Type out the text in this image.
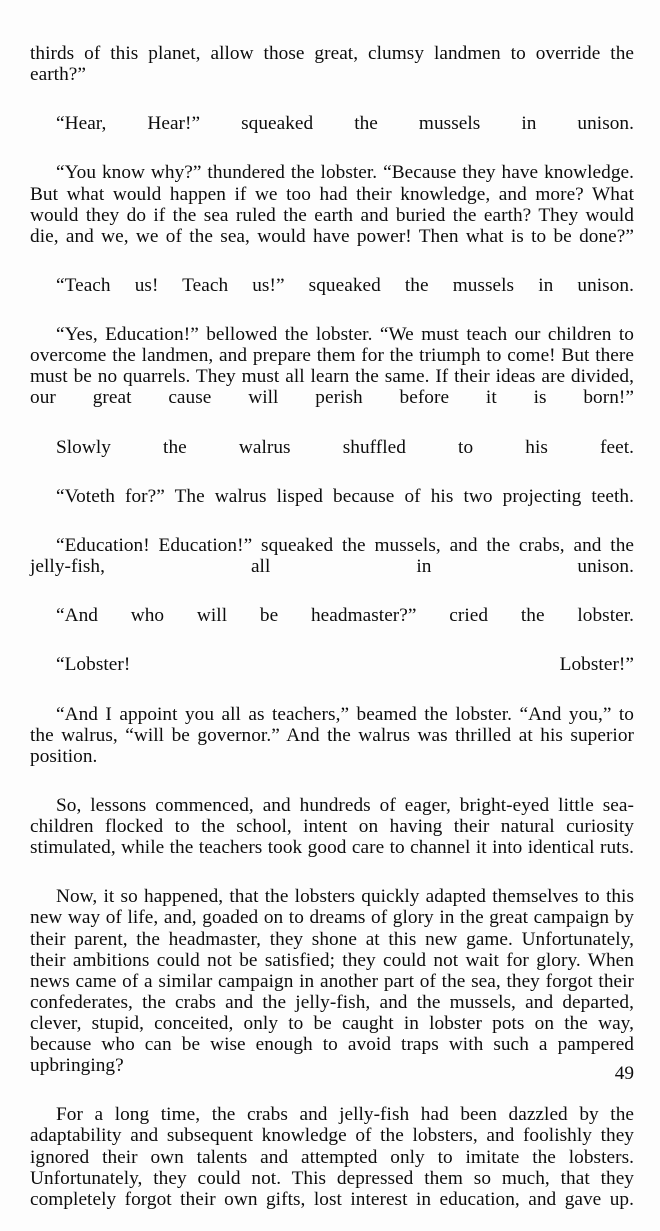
thirds of this planet, allow those great, clumsy landmen to override the earth?”

“Hear, Hear!” squeaked the mussels in unison.

“You know why?” thundered the lobster. “Because they have knowledge. But what would happen if we too had their knowledge, and more? What would they do if the sea ruled the earth and buried the earth? They would die, and we, we of the sea, would have power! Then what is to be done?”

“Teach us! Teach us!” squeaked the mussels in unison.

“Yes, Education!” bellowed the lobster. “We must teach our children to overcome the landmen, and prepare them for the triumph to come! But there must be no quarrels. They must all learn the same. If their ideas are divided, our great cause will perish before it is born!”

Slowly the walrus shuffled to his feet.

“Voteth for?” The walrus lisped because of his two projecting teeth.

“Education! Education!” squeaked the mussels, and the crabs, and the jelly-fish, all in unison.

“And who will be headmaster?” cried the lobster.

“Lobster! Lobster!”

“And I appoint you all as teachers,” beamed the lobster. “And you,” to the walrus, “will be governor.” And the walrus was thrilled at his superior position.

So, lessons commenced, and hundreds of eager, bright-eyed little sea-children flocked to the school, intent on having their natural curiosity stimulated, while the teachers took good care to channel it into identical ruts.

Now, it so happened, that the lobsters quickly adapted themselves to this new way of life, and, goaded on to dreams of glory in the great campaign by their parent, the headmaster, they shone at this new game. Unfortunately, their ambitions could not be satisfied; they could not wait for glory. When news came of a similar campaign in another part of the sea, they forgot their confederates, the crabs and the jelly-fish, and the mussels, and departed, clever, stupid, conceited, only to be caught in lobster pots on the way, because who can be wise enough to avoid traps with such a pampered upbringing?

For a long time, the crabs and jelly-fish had been dazzled by the adaptability and subsequent knowledge of the lobsters, and foolishly they ignored their own talents and attempted only to imitate the lobsters. Unfortunately, they could not. This depressed them so much, that they completely forgot their own gifts, lost interest in education, and gave up.

49
